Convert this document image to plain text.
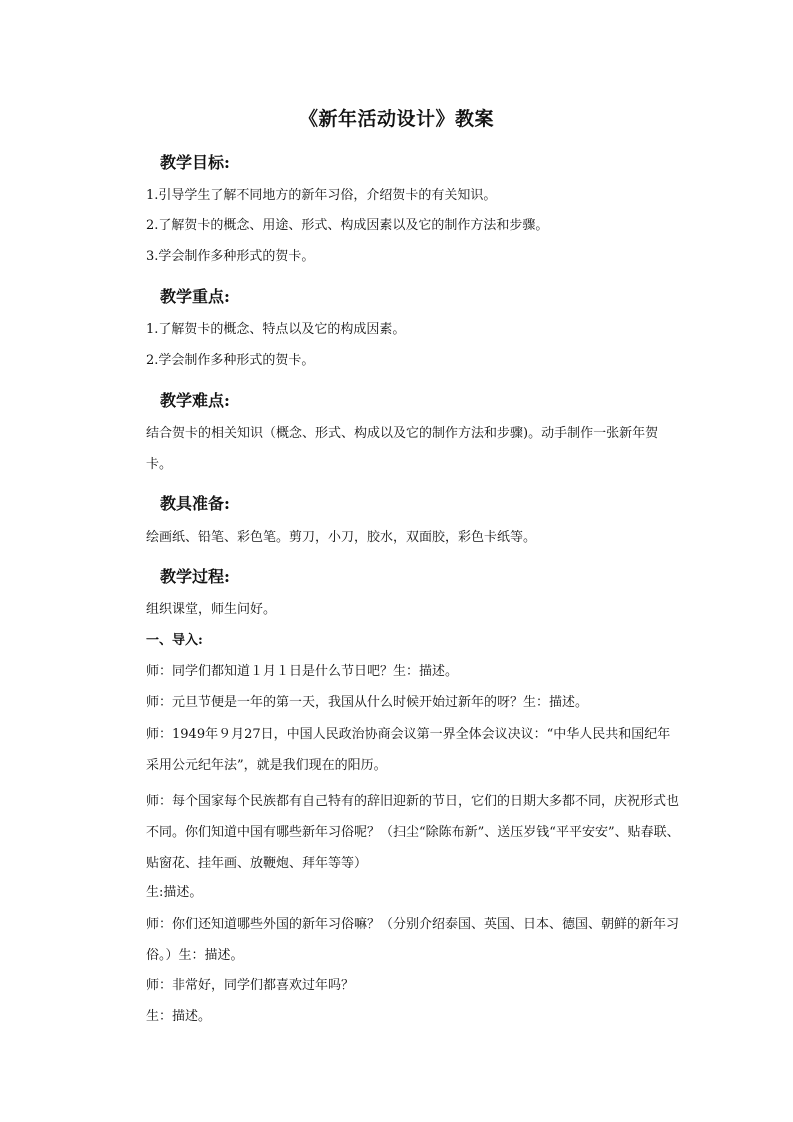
《新年活动设计》教案
教学目标:
1.引导学生了解不同地方的新年习俗，介绍贺卡的有关知识。
2.了解贺卡的概念、用途、形式、构成因素以及它的制作方法和步骤。
3.学会制作多种形式的贺卡。
教学重点:
1.了解贺卡的概念、特点以及它的构成因素。
2.学会制作多种形式的贺卡。
教学难点:
结合贺卡的相关知识（概念、形式、构成以及它的制作方法和步骤)。动手制作一张新年贺卡。
教具准备:
绘画纸、铅笔、彩色笔。剪刀，小刀，胶水，双面胶，彩色卡纸等。
教学过程:
组织课堂，师生问好。
一、导入:
师：同学们都知道１月１日是什么节日吧？生：描述。
师：元旦节便是一年的第一天，我国从什么时候开始过新年的呀？生：描述。
师：1949年９月27日，中国人民政治协商会议第一界全体会议决议：“中华人民共和国纪年采用公元纪年法”，就是我们现在的阳历。
师：每个国家每个民族都有自己特有的辞旧迎新的节日，它们的日期大多都不同，庆祝形式也不同。你们知道中国有哪些新年习俗呢？（扫尘“除陈布新”、送压岁钱“平平安安”、贴春联、贴窗花、挂年画、放鞭炮、拜年等等）
生:描述。
师：你们还知道哪些外国的新年习俗嘛？（分别介绍泰国、英国、日本、德国、朝鲜的新年习俗。）生：描述。
师：非常好，同学们都喜欢过年吗？
生：描述。
